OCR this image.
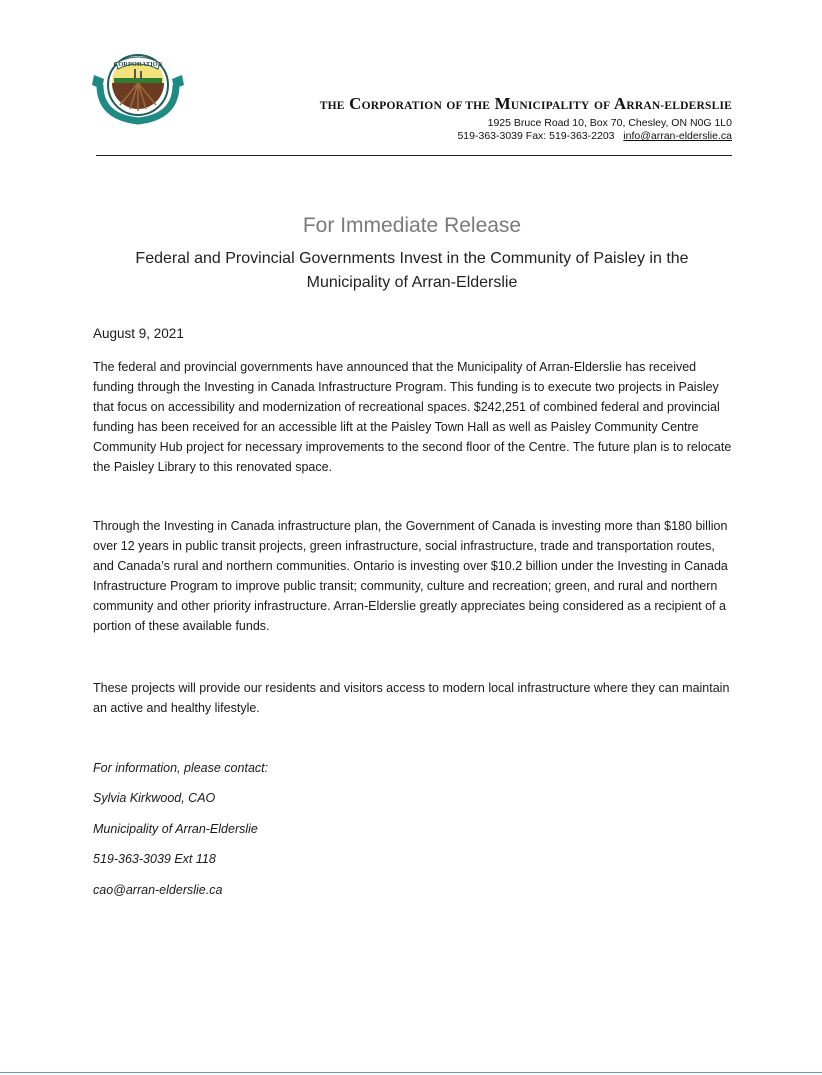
CORPORATION
THE CORPORATION OF THE MUNICIPALITY OF ARRAN-ELDERSLIE
1925 Bruce Road 10, Box 70, Chesley, ON N0G 1L0
519-363-3039 Fax: 519-363-2203 info@arran-elderslie.ca
For Immediate Release
Federal and Provincial Governments Invest in the Community of Paisley in the Municipality of Arran-Elderslie
August 9, 2021

The federal and provincial governments have announced that the Municipality of Arran-Elderslie has received funding through the Investing in Canada Infrastructure Program. This funding is to execute two projects in Paisley that focus on accessibility and modernization of recreational spaces. $242,251 of combined federal and provincial funding has been received for an accessible lift at the Paisley Town Hall as well as Paisley Community Centre Community Hub project for necessary improvements to the second floor of the Centre. The future plan is to relocate the Paisley Library to this renovated space.

Through the Investing in Canada infrastructure plan, the Government of Canada is investing more than $180 billion over 12 years in public transit projects, green infrastructure, social infrastructure, trade and transportation routes, and Canada’s rural and northern communities. Ontario is investing over $10.2 billion under the Investing in Canada Infrastructure Program to improve public transit; community, culture and recreation; green, and rural and northern community and other priority infrastructure. Arran-Elderslie greatly appreciates being considered as a recipient of a portion of these available funds.

These projects will provide our residents and visitors access to modern local infrastructure where they can maintain an active and healthy lifestyle.

For information, please contact:
Sylvia Kirkwood, CAO
Municipality of Arran-Elderslie
519-363-3039 Ext 118
cao@arran-elderslie.ca
